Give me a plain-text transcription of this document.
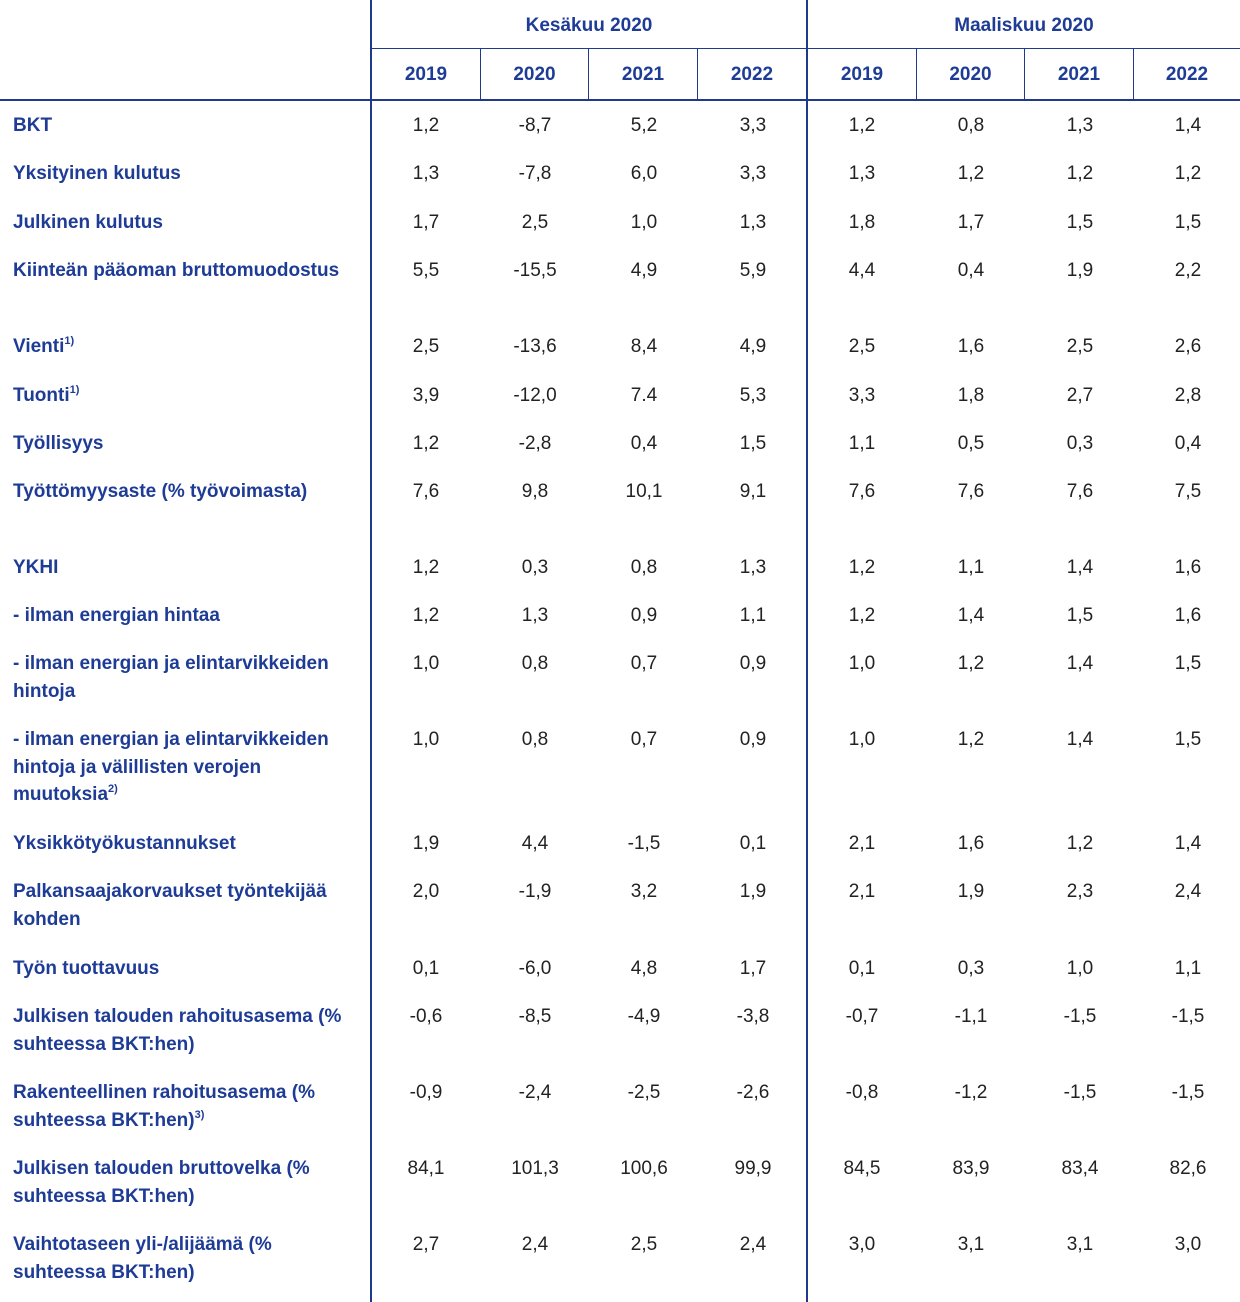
Kesäkuu 2020	Maaliskuu 2020
2019	2020	2021	2022	2019	2020	2021	2022
BKT	1,2	-8,7	5,2	3,3	1,2	0,8	1,3	1,4
Yksityinen kulutus	1,3	-7,8	6,0	3,3	1,3	1,2	1,2	1,2
Julkinen kulutus	1,7	2,5	1,0	1,3	1,8	1,7	1,5	1,5
Kiinteän pääoman bruttomuodostus	5,5	-15,5	4,9	5,9	4,4	0,4	1,9	2,2
Vienti$^{1)}$	2,5	-13,6	8,4	4,9	2,5	1,6	2,5	2,6
Tuonti$^{1)}$	3,9	-12,0	7.4	5,3	3,3	1,8	2,7	2,8
Työllisyys	1,2	-2,8	0,4	1,5	1,1	0,5	0,3	0,4
Työttömyysaste (% työvoimasta)	7,6	9,8	10,1	9,1	7,6	7,6	7,6	7,5
YKHI	1,2	0,3	0,8	1,3	1,2	1,1	1,4	1,6
- ilman energian hintaa	1,2	1,3	0,9	1,1	1,2	1,4	1,5	1,6
- ilman energian ja elintarvikkeiden hintoja
1,0	0,8	0,7	0,9	1,0	1,2	1,4	1,5
- ilman energian ja elintarvikkeiden hintoja ja välillisten verojen muutoksia$^{2)}$
1,0	0,8	0,7	0,9	1,0	1,2	1,4	1,5
Yksikkötyökustannukset	1,9	4,4	-1,5	0,1	2,1	1,6	1,2	1,4
Palkansaajakorvaukset työntekijää kohden
2,0	-1,9	3,2	1,9	2,1	1,9	2,3	2,4
Työn tuottavuus	0,1	-6,0	4,8	1,7	0,1	0,3	1,0	1,1
Julkisen talouden rahoitusasema (% suhteessa BKT:hen)
-0,6	-8,5	-4,9	-3,8	-0,7	-1,1	-1,5	-1,5
Rakenteellinen rahoitusasema (% suhteessa BKT:hen)$^{3)}$
-0,9	-2,4	-2,5	-2,6	-0,8	-1,2	-1,5	-1,5
Julkisen talouden bruttovelka (% suhteessa BKT:hen)
84,1	101,3	100,6	99,9	84,5	83,9	83,4	82,6
Vaihtotaseen yli-/alijäämä (% suhteessa BKT:hen)
2,7	2,4	2,5	2,4	3,0	3,1	3,1	3,0
